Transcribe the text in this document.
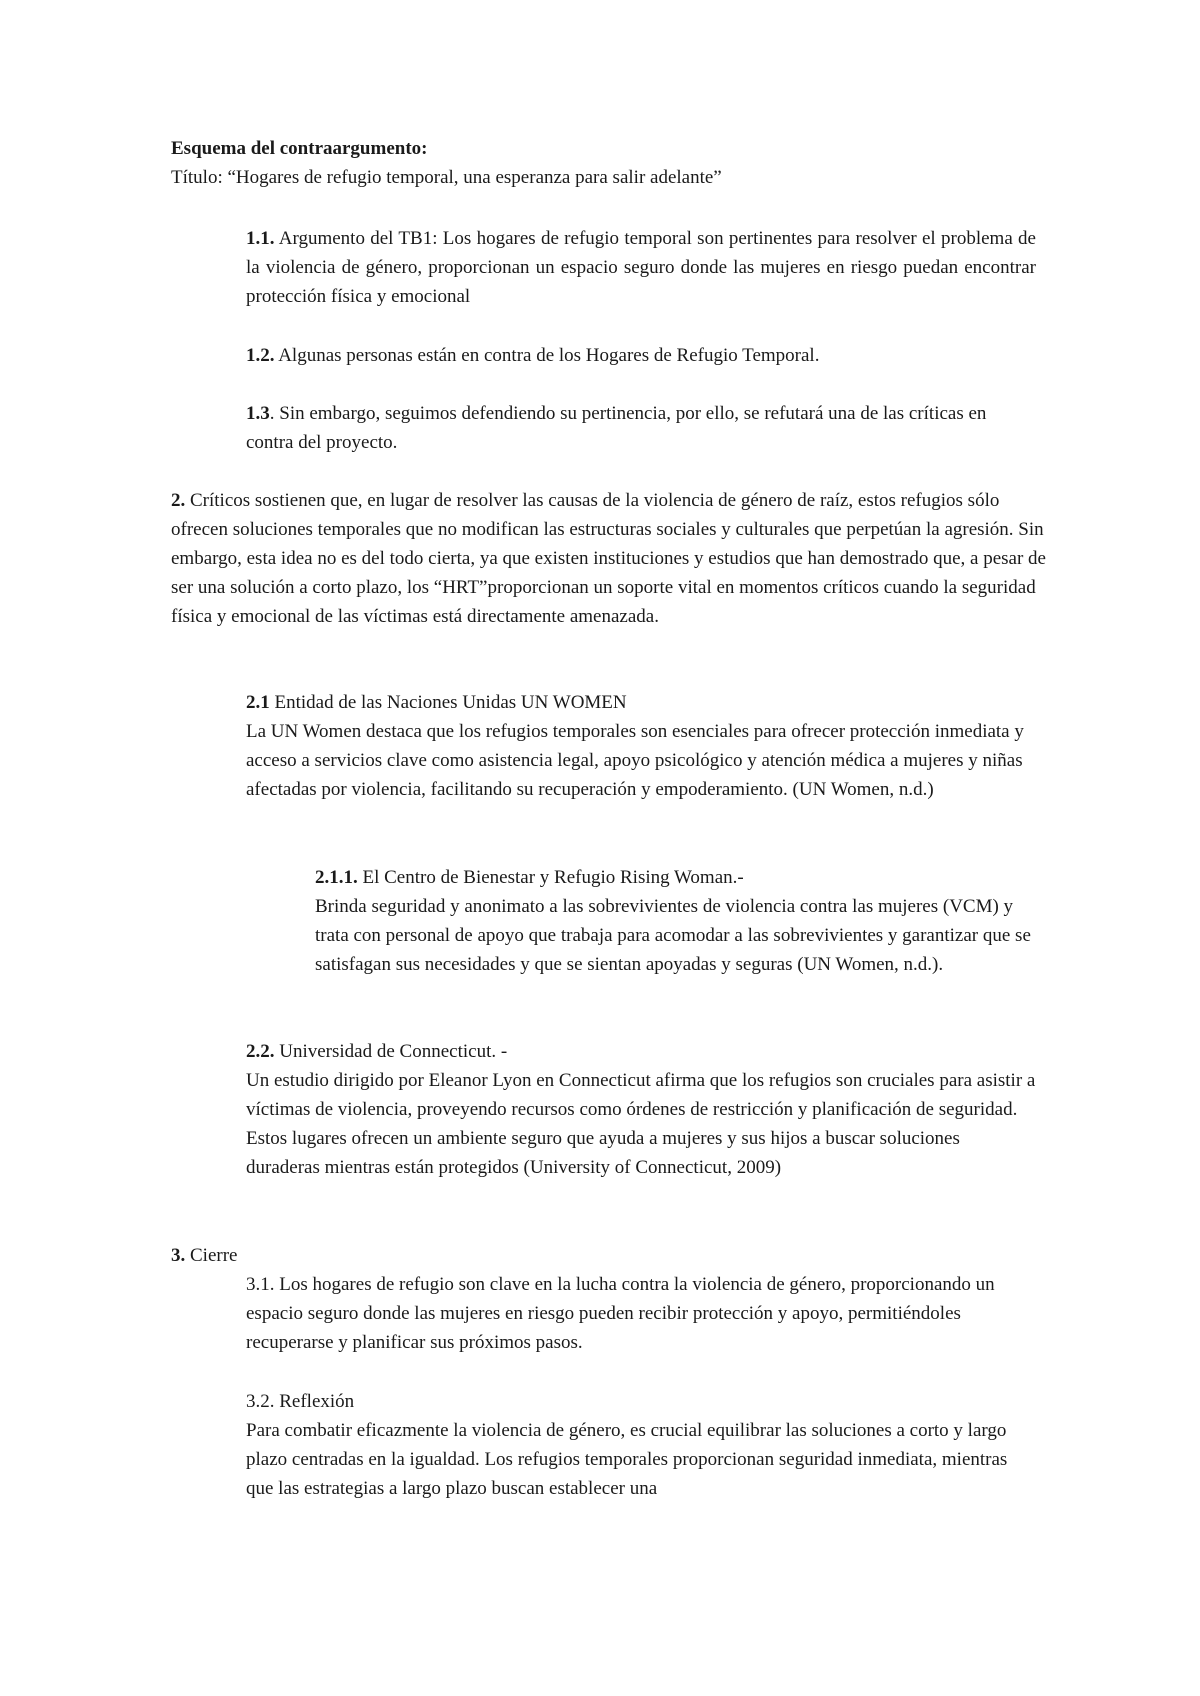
Esquema del contraargumento:

Título: “Hogares de refugio temporal, una esperanza para salir adelante”

1.1. Argumento del TB1: Los hogares de refugio temporal son pertinentes para resolver el problema de la violencia de género, proporcionan un espacio seguro donde las mujeres en riesgo puedan encontrar protección física y emocional

1.2. Algunas personas están en contra de los Hogares de Refugio Temporal.

1.3. Sin embargo, seguimos defendiendo su pertinencia, por ello, se refutará una de las críticas en contra del proyecto.

2. Críticos sostienen que, en lugar de resolver las causas de la violencia de género de raíz, estos refugios sólo ofrecen soluciones temporales que no modifican las estructuras sociales y culturales que perpetúan la agresión. Sin embargo, esta idea no es del todo cierta, ya que existen instituciones y estudios que han demostrado que, a pesar de ser una solución a corto plazo, los “HRT”proporcionan un soporte vital en momentos críticos cuando la seguridad física y emocional de las víctimas está directamente amenazada.

2.1 Entidad de las Naciones Unidas UN WOMEN

La UN Women destaca que los refugios temporales son esenciales para ofrecer protección inmediata y acceso a servicios clave como asistencia legal, apoyo psicológico y atención médica a mujeres y niñas afectadas por violencia, facilitando su recuperación y empoderamiento. (UN Women, n.d.)

2.1.1. El Centro de Bienestar y Refugio Rising Woman.-

Brinda seguridad y anonimato a las sobrevivientes de violencia contra las mujeres (VCM) y trata con personal de apoyo que trabaja para acomodar a las sobrevivientes y garantizar que se satisfagan sus necesidades y que se sientan apoyadas y seguras (UN Women, n.d.).

2.2. Universidad de Connecticut. -

Un estudio dirigido por Eleanor Lyon en Connecticut afirma que los refugios son cruciales para asistir a víctimas de violencia, proveyendo recursos como órdenes de restricción y planificación de seguridad. Estos lugares ofrecen un ambiente seguro que ayuda a mujeres y sus hijos a buscar soluciones duraderas mientras están protegidos (University of Connecticut, 2009)

3. Cierre

3.1. Los hogares de refugio son clave en la lucha contra la violencia de género, proporcionando un espacio seguro donde las mujeres en riesgo pueden recibir protección y apoyo, permitiéndoles recuperarse y planificar sus próximos pasos.

3.2. Reflexión

Para combatir eficazmente la violencia de género, es crucial equilibrar las soluciones a corto y largo plazo centradas en la igualdad. Los refugios temporales proporcionan seguridad inmediata, mientras que las estrategias a largo plazo buscan establecer una
